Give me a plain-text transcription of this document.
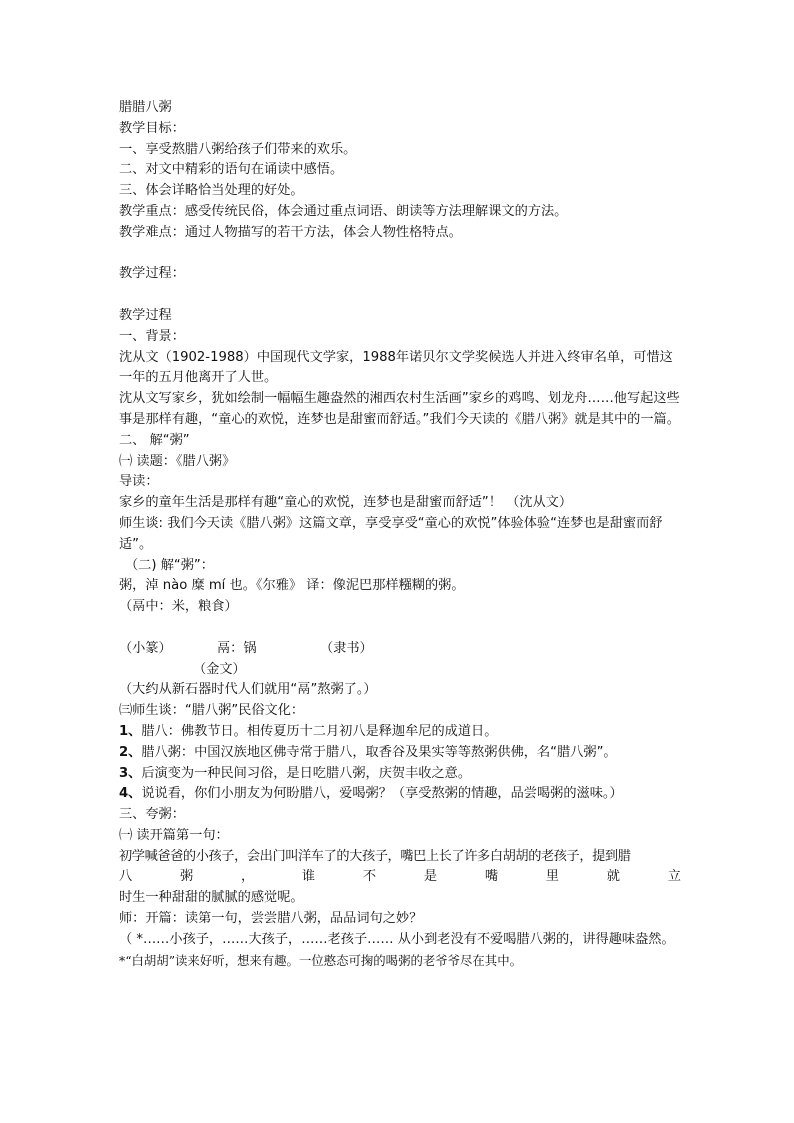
腊腊八粥

教学目标：

一、享受熬腊八粥给孩子们带来的欢乐。

二、对文中精彩的语句在诵读中感悟。

三、体会详略恰当处理的好处。

教学重点：感受传统民俗，体会通过重点词语、朗读等方法理解课文的方法。

教学难点：通过人物描写的若干方法，体会人物性格特点。

教学过程：

教学过程

一、背景：

沈从文（1902-1988）中国现代文学家，1988年诺贝尔文学奖候选人并进入终审名单，可惜这一年的五月他离开了人世。

沈从文写家乡，犹如绘制一幅幅生趣盎然的湘西农村生活画”家乡的鸡鸣、划龙舟……他写起这些事是那样有趣，“童心的欢悦，连梦也是甜蜜而舒适。”我们今天读的《腊八粥》就是其中的一篇。

二、 解“粥”

㈠ 读题：《腊八粥》

导读：

家乡的童年生活是那样有趣“童心的欢悦，连梦也是甜蜜而舒适”！ （沈从文）

师生谈: 我们今天读《腊八粥》这篇文章，享受享受“童心的欢悦”体验体验“连梦也是甜蜜而舒适”。

（二) 解“粥”：

粥，淖 nào 糜 mí 也。《尔雅》 译：像泥巴那样糨糊的粥。

（鬲中：米，粮食）

（小篆）	鬲：锅	（隶书）
（金文）

（大约从新石器时代人们就用“鬲”熬粥了。）

㈢师生谈：“腊八粥”民俗文化：

1、腊八：佛教节日。相传夏历十二月初八是释迦牟尼的成道日。

2、腊八粥：中国汉族地区佛寺常于腊八，取香谷及果实等等熬粥供佛，名“腊八粥”。

3、后演变为一种民间习俗，是日吃腊八粥，庆贺丰收之意。

4、说说看，你们小朋友为何盼腊八，爱喝粥？（享受熬粥的情趣，品尝喝粥的滋味。）

三、夸粥：

㈠ 读开篇第一句：

初学喊爸爸的小孩子，会出门叫洋车了的大孩子，嘴巴上长了许多白胡胡的老孩子，提到腊

八	粥	，	谁	不	是	嘴	里	就	立

时生一种甜甜的腻腻的感觉呢。

师：开篇：读第一句，尝尝腊八粥，品品词句之妙？

（ *……小孩子，……大孩子，……老孩子…… 从小到老没有不爱喝腊八粥的，讲得趣味盎然。

*“白胡胡”读来好听，想来有趣。一位憨态可掬的喝粥的老爷爷尽在其中。
